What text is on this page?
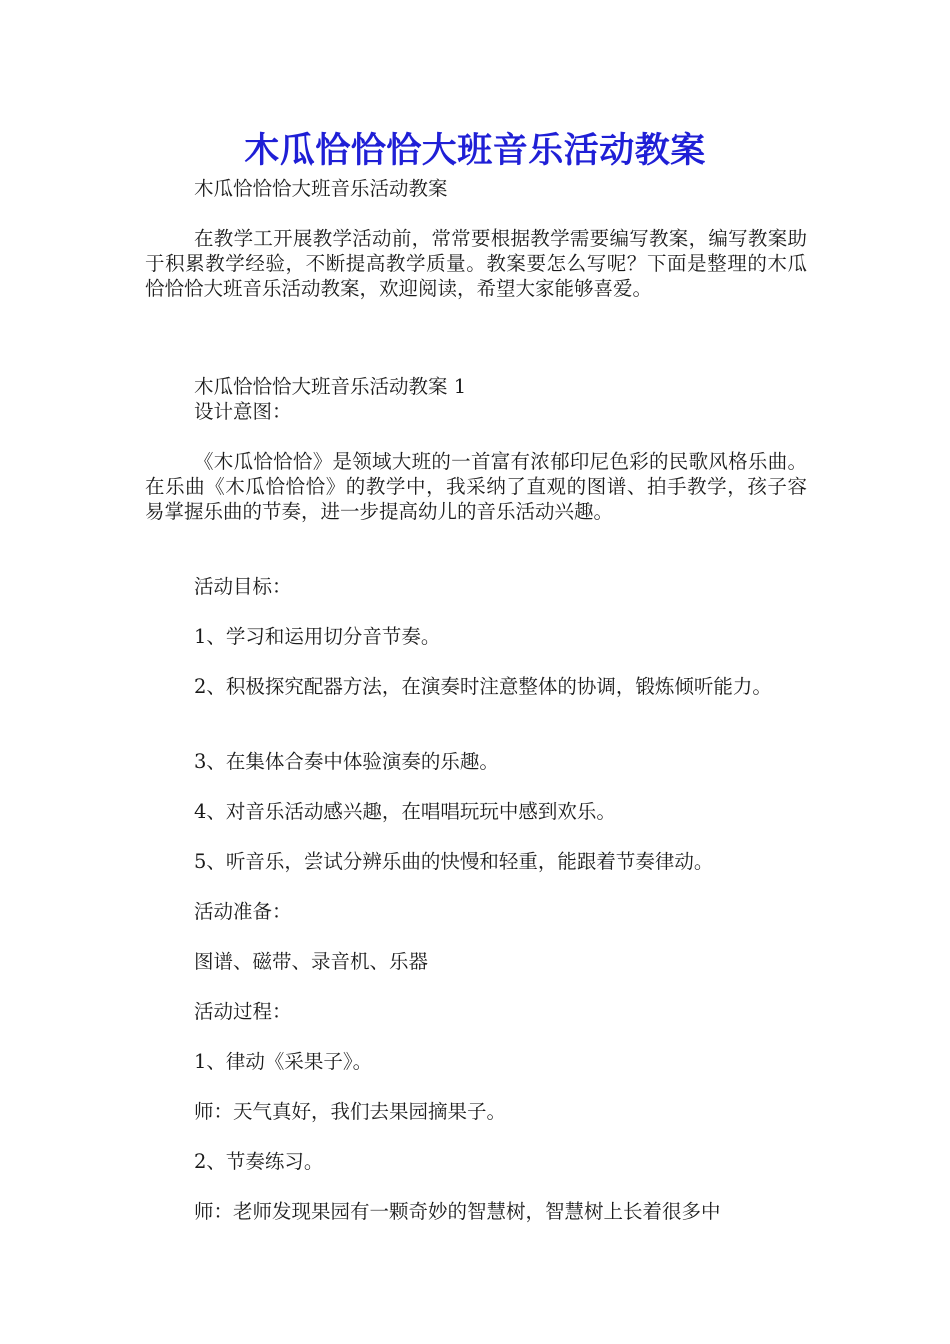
木瓜恰恰恰大班音乐活动教案

木瓜恰恰恰大班音乐活动教案

在教学工开展教学活动前，常常要根据教学需要编写教案，编写教案助于积累教学经验，不断提高教学质量。教案要怎么写呢？下面是整理的木瓜恰恰恰大班音乐活动教案，欢迎阅读，希望大家能够喜爱。

木瓜恰恰恰大班音乐活动教案 1

设计意图：

《木瓜恰恰恰》是领域大班的一首富有浓郁印尼色彩的民歌风格乐曲。在乐曲《木瓜恰恰恰》的教学中，我采纳了直观的图谱、拍手教学，孩子容易掌握乐曲的节奏，进一步提高幼儿的音乐活动兴趣。

活动目标：

1、学习和运用切分音节奏。

2、积极探究配器方法，在演奏时注意整体的协调，锻炼倾听能力。

3、在集体合奏中体验演奏的乐趣。

4、对音乐活动感兴趣，在唱唱玩玩中感到欢乐。

5、听音乐，尝试分辨乐曲的快慢和轻重，能跟着节奏律动。

活动准备：

图谱、磁带、录音机、乐器

活动过程：

1、律动《采果子》。

师：天气真好，我们去果园摘果子。

2、节奏练习。

师：老师发现果园有一颗奇妙的智慧树，智慧树上长着很多中
